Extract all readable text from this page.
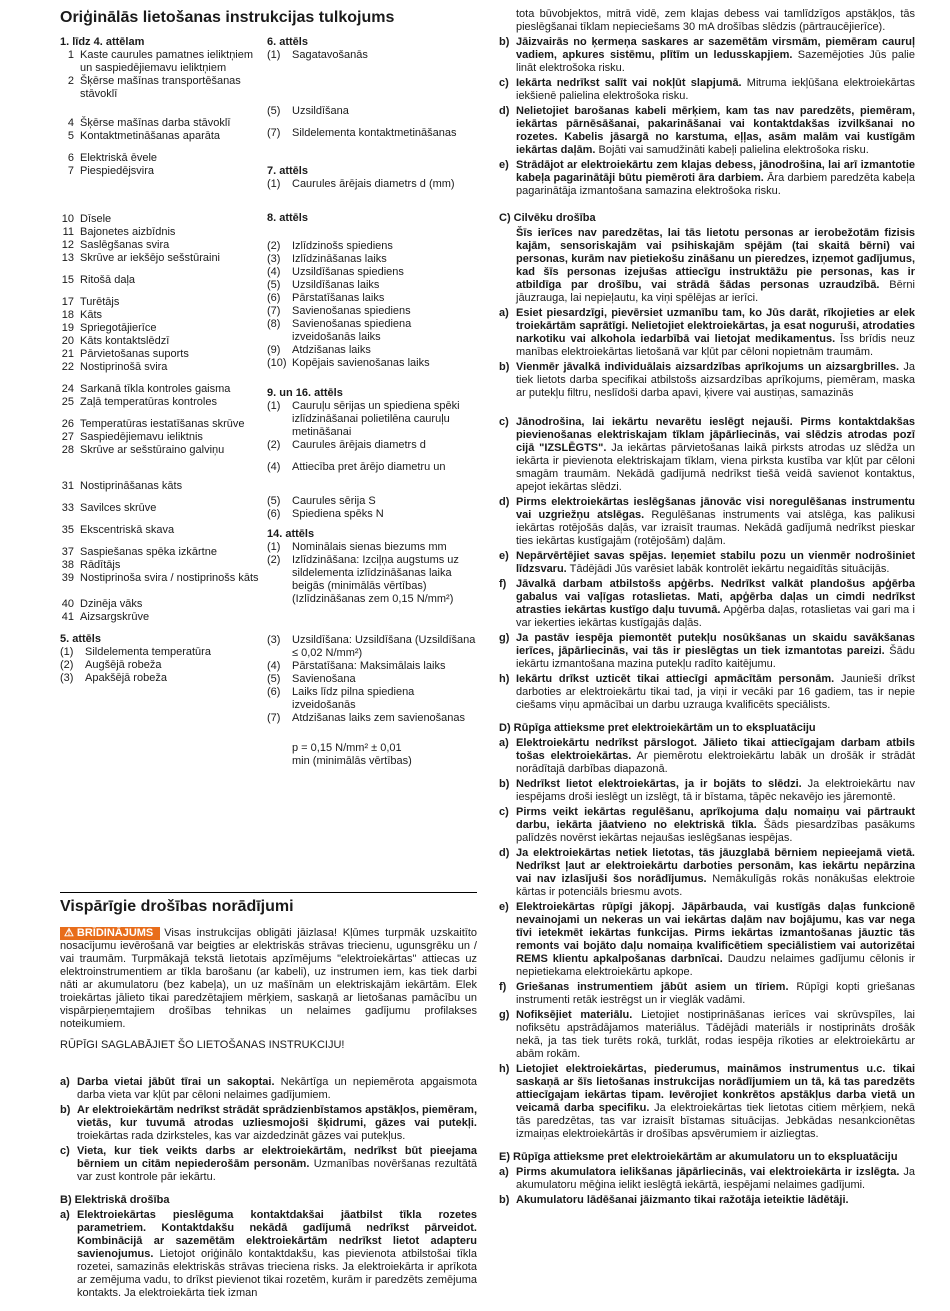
Oriģinālās lietošanas instrukcijas tulkojums
1. līdz 4. attēlam
1 Kaste caurules pamatnes ieliktņiem un saspiedējiemavu ieliktņiem
2 Šķērse mašīnas transportēšanas stāvoklī
4 Šķērse mašīnas darba stāvoklī
5 Kontaktmetināšanas aparāta
6 Elektriskā ēvele
7 Piespiedējsvira
10 Dīsele
11 Bajonetes aizbīdnis
12 Saslēgšanas svira
13 Skrūve ar iekšējo sešstūraini
15 Ritošā daļa
17 Turētājs
18 Kāts
19 Spriegotājierīce
20 Kāts kontaktslēdzī
21 Pārvietošanas suports
22 Nostiprinošā svira
24 Sarkanā tīkla kontroles gaisma
25 Zaļā temperatūras kontroles
26 Temperatūras iestatīšanas skrūve
27 Saspiedējiemavu ieliktnis
28 Skrūve ar sešstūraino galviņu
31 Nostiprināšanas kāts
33 Savilces skrūve
35 Ekscentriskā skava
37 Saspiešanas spēka izkārtne
38 Rādītājs
39 Nostiprinoša svira / nostiprinošs kāts
40 Dzinēja vāks
41 Aizsargskrūve
5. attēls
(1)	Sildelementa temperatūra
(2)	Augšējā robeža
(3)	Apakšējā robeža
6. attēls
(1)	Sagatavošanās
(5)	Uzsildīšana
(7)	Sildelementa kontaktmetināšanas
7. attēls
(1)	Caurules ārējais diametrs d (mm)
8. attēls
(2)	Izlīdzinošs spiediens
(3)	Izlīdzināšanas laiks
(4)	Uzsildīšanas spiediens
(5)	Uzsildīšanas laiks
(6)	Pārstatīšanas laiks
(7)	Savienošanas spiediens
(8)	Savienošanas spiediena izveidošanās laiks
(9)	Atdzišanas laiks
(10) Kopējais savienošanas laiks
9. un 16. attēls
(1)	Cauruļu sērijas un spiediena spēki izlīdzināšanai polietilēna cauruļu metināšanai
(2)	Caurules ārējais diametrs d
(4)	Attiecība pret ārējo diametru un
(5)	Caurules sērija S
(6)	Spiediena spēks N
14. attēls
(1)	Nominālais sienas biezums mm
(2)	Izlīdzināšana: Izciļņa augstums uz sildelementa izlīdzināšanas laika beigās (minimālās vērtības) (Izlīdzināšanas zem 0,15 N/mm²)
(3)	Uzsildīšana: Uzsildīšana (Uzsildīšana ≤ 0,02 N/mm²)
(4)	Pārstatīšana: Maksimālais laiks
(5)	Savienošana
(6)	Laiks līdz pilna spiediena izveidošanās
(7)	Atdzišanas laiks zem savienošanas
p = 0,15 N/mm² ± 0,01
min (minimālās vērtības)
Vispārīgie drošības norādījumi

⚠ BRĪDINĀJUMS Visas instrukcijas obligāti jāizlasa! Kļūmes turpmāk uzskaitīto nosacījumu ievērošanā var beigties ar elektriskās strāvas triecienu, ugunsgrēku un / vai traumām. Turpmākajā tekstā lietotais apzīmējums "elektroiekārtas" attiecas uz elektroinstrumentiem ar tīkla barošanu (ar kabeli), uz instrumen iem, kas tiek darbi nāti ar akumulatoru (bez kabeļa), un uz mašīnām un elektriskajām iekārtām. Elek troiekārtas jālieto tikai paredzētajiem mērķiem, saskaņā ar lietošanas pamācību un vispārpieņemtajiem drošības tehnikas un nelaimes gadījumu profilakses noteikumiem.

RŪPĪGI SAGLABĀJIET ŠO LIETOŠANAS INSTRUKCIJU!

a) Darba vietai jābūt tīrai un sakoptai. Nekārtīga un nepiemērota apgaismota darba vieta var kļūt par cēloni nelaimes gadījumiem.
b) Ar elektroiekārtām nedrīkst strādāt sprādzienbīstamos apstākļos, piemēram, vietās, kur tuvumā atrodas uzliesmojoši šķidrumi, gāzes vai putekļi. troiekārtas rada dzirksteles, kas var aizdedzināt gāzes vai putekļus.
c) Vieta, kur tiek veikts darbs ar elektroiekārtām, nedrīkst būt pieejama bērniem un citām nepiederošām personām. Uzmanības novēršanas rezultātā var zust kontrole pār iekārtu.
B) Elektriskā drošība
a) Elektroiekārtas pieslēguma kontaktdakšai jāatbilst tīkla rozetes parametriem. Kontaktdakšu nekādā gadījumā nedrīkst pārveidot. Kombinācijā ar sazemētām elektroiekārtām nedrīkst lietot adapteru savienojumus. Lietojot oriģinālo kontaktdakšu, kas pievienota atbilstošai tīkla rozetei, samazinās elektriskās strāvas trieciena risks. Ja elektroiekārta ir aprīkota ar zemējuma vadu, to drīkst pievienot tikai rozetēm, kurām ir paredzēts zemējuma kontakts. Ja elektroiekārta tiek izman

tota būvobjektos, mitrā vidē, zem klajas debess vai tamlīdzīgos apstākļos, tās pieslēgšanai tīklam nepieciešams 30 mA drošības slēdzis (pārtraucējierīce).

b) Jāizvairās no ķermeņa saskares ar sazemētām virsmām, piemēram cauruļ vadiem, apkures sistēmu, plītīm un ledusskapjiem. Sazemējoties Jūs palie lināt elektrošoka risku.
c) Iekārta nedrīkst salīt vai nokļūt slapjumā. Mitruma iekļūšana elektroiekārtas iekšienē palielina elektrošoka risku.
d) Nelietojiet barošanas kabeli mērķiem, kam tas nav paredzēts, piemēram, iekārtas pārnēsāšanai, pakarināšanai vai kontaktdakšas izvilkšanai no rozetes. Kabelis jāsargā no karstuma, eļļas, asām malām vai kustīgām iekārtas daļām. Bojāti vai samudžināti kabeļi palielina elektrošoka risku.
e) Strādājot ar elektroiekārtu zem klajas debess, jānodrošina, lai arī izmantotie kabeļa pagarinātāji būtu piemēroti āra darbiem. Āra darbiem paredzēta kabeļa pagarinātāja izmantošana samazina elektrošoka risku.
C) Cilvēku drošība

Šīs ierīces nav paredzētas, lai tās lietotu personas ar ierobežotām fizisis kajām, sensoriskajām vai psihiskajām spējām (tai skaitā bērni) vai personas, kurām nav pietiekošu zināšanu un pieredzes, izņemot gadījumus, kad šīs personas izejušas attiecīgu instruktāžu pie personas, kas ir atbildīga par drošību, vai strādā šādas personas uzraudzībā. Bērni jāuzrauga, lai nepieļautu, ka viņi spēlējas ar ierīci.

a) Esiet piesardzīgi, pievērsiet uzmanību tam, ko Jūs darāt, rīkojieties ar elek troiekārtām saprātīgi. Nelietojiet elektroiekārtas, ja esat noguruši, atrodaties narkotiku vai alkohola iedarbībā vai lietojat medikamentus. Īss brīdis neuz manības elektroiekārtas lietošanā var kļūt par cēloni nopietnām traumām.
b) Vienmēr jāvalkā individuālais aizsardzības aprīkojums un aizsargbrilles. Ja tiek lietots darba specifikai atbilstošs aizsardzības aprīkojums, piemēram, maska ar putekļu filtru, neslīdoši darba apavi, ķivere vai austiņas, samazinās
c) Jānodrošina, lai iekārtu nevarētu ieslēgt nejauši. Pirms kontaktdakšas pievienošanas elektriskajam tīklam jāpārliecinās, vai slēdzis atrodas pozī cijā "IZSLĒGTS". Ja iekārtas pārvietošanas laikā pirksts atrodas uz slēdža un iekārta ir pievienota elektriskajam tīklam, viena pirksta kustība var kļūt par cēloni smagām traumām. Nekādā gadījumā nedrīkst tiešā veidā savienot kontaktus, apejot iekārtas slēdzi.
d) Pirms elektroiekārtas ieslēgšanas jānovāc visi noregulēšanas instrumentu vai uzgriežņu atslēgas. Regulēšanas instruments vai atslēga, kas palikusi iekārtas rotējošās daļās, var izraisīt traumas. Nekādā gadījumā nedrīkst pieskar ties iekārtas kustīgajām (rotējošām) daļām.
e) Nepārvērtējiet savas spējas. Ieņemiet stabilu pozu un vienmēr nodrošiniet līdzsvaru. Tādējādi Jūs varēsiet labāk kontrolēt iekārtu negaidītās situācijās.
f) Jāvalkā darbam atbilstošs apģērbs. Nedrīkst valkāt plandošus apģērba gabalus vai vaļīgas rotaslietas. Mati, apģērba daļas un cimdi nedrīkst atrasties iekārtas kustīgo daļu tuvumā. Apģērba daļas, rotaslietas vai gari ma i var iekerties iekārtas kustīgajās daļās.
g) Ja pastāv iespēja piemontēt putekļu nosūkšanas un skaidu savākšanas ierīces, jāpārliecinās, vai tās ir pieslēgtas un tiek izmantotas pareizi. Šādu iekārtu izmantošana mazina putekļu radīto kaitējumu.
h) Iekārtu drīkst uzticēt tikai attiecīgi apmācītām personām. Jaunieši drīkst darboties ar elektroiekārtu tikai tad, ja viņi ir vecāki par 16 gadiem, tas ir nepie ciešams viņu apmācībai un darbu uzrauga kvalificēts speciālists.
D) Rūpīga attieksme pret elektroiekārtām un to ekspluatāciju
a) Elektroiekārtu nedrīkst pārslogot. Jālieto tikai attiecīgajam darbam atbils tošas elektroiekārtas. Ar piemērotu elektroiekārtu labāk un drošāk ir strādāt norādītajā darbības diapazonā.
b) Nedrīkst lietot elektroiekārtas, ja ir bojāts to slēdzi. Ja elektroiekārtu nav iespējams droši ieslēgt un izslēgt, tā ir bīstama, tāpēc nekavējo ies jāremontē.
c) Pirms veikt iekārtas regulēšanu, aprīkojuma daļu nomaiņu vai pārtraukt darbu, iekārta jāatvieno no elektriskā tīkla. Šāds piesardzības pasākums palīdzēs novērst iekārtas nejaušas ieslēgšanas iespējas.
d) Ja elektroiekārtas netiek lietotas, tās jāuzglabā bērniem nepieejamā vietā. Nedrīkst ļaut ar elektroiekārtu darboties personām, kas iekārtu nepārzina vai nav izlasījuši šos norādījumus. Nemākulīgās rokās nonākušas elektroie kārtas ir potenciāls briesmu avots.
e) Elektroiekārtas rūpīgi jākopj. Jāpārbauda, vai kustīgās daļas funkcionē nevainojami un nekeras un vai iekārtas daļām nav bojājumu, kas var nega tīvi ietekmēt iekārtas funkcijas. Pirms iekārtas izmantošanas jāuztic tās remonts vai bojāto daļu nomaiņa kvalificētiem speciālistiem vai autorizētai REMS klientu apkalpošanas darbnīcai. Daudzu nelaimes gadījumu cēlonis ir nepietiekama elektroiekārtu apkope.
f) Griešanas instrumentiem jābūt asiem un tīriem. Rūpīgi kopti griešanas instrumenti retāk iestrēgst un ir vieglāk vadāmi.
g) Nofiksējiet materiālu. Lietojiet nostiprināšanas ierīces vai skrūvspīles, lai nofiksētu apstrādājamos materiālus. Tādējādi materiāls ir nostiprināts drošāk nekā, ja tas tiek turēts rokā, turklāt, rodas iespēja rīkoties ar elektroiekārtu ar abām rokām.
h) Lietojiet elektroiekārtas, piederumus, maināmos instrumentus u.c. tikai saskaņā ar šīs lietošanas instrukcijas norādījumiem un tā, kā tas paredzēts attiecīgajam iekārtas tipam. Ievērojiet konkrētos apstākļus darba vietā un veicamā darba specifiku. Ja elektroiekārtas tiek lietotas citiem mērķiem, nekā tās paredzētas, tas var izraisīt bīstamas situācijas. Jebkādas nesankcionētas izmaiņas elektroiekārtās ir drošības apsvērumiem ir aizliegtas.
E) Rūpīga attieksme pret elektroiekārtām ar akumulatoru un to ekspluatāciju
a) Pirms akumulatora ielikšanas jāpārliecinās, vai elektroiekārta ir izslēgta. Ja akumulatoru mēģina ielikt ieslēgtā iekārtā, iespējami nelaimes gadījumi.
b) Akumulatoru lādēšanai jāizmanto tikai ražotāja ieteiktie lādētāji.
